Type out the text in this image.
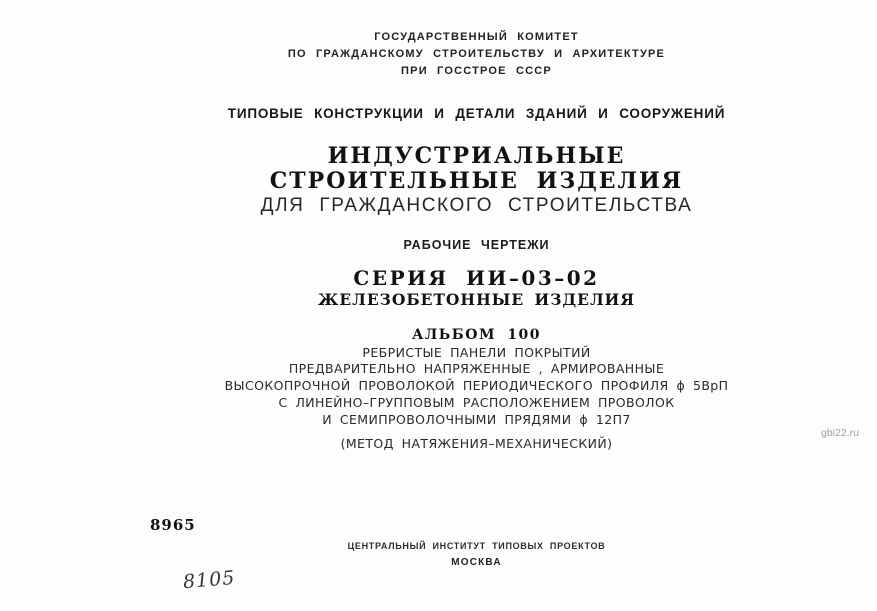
ГОСУДАРСТВЕННЫЙ КОМИТЕТ
ПО ГРАЖДАНСКОМУ СТРОИТЕЛЬСТВУ И АРХИТЕКТУРЕ
ПРИ ГОССТРОЕ СССР
ТИПОВЫЕ КОНСТРУКЦИИ И ДЕТАЛИ ЗДАНИЙ И СООРУЖЕНИЙ
ИНДУСТРИАЛЬНЫЕ
СТРОИТЕЛЬНЫЕ ИЗДЕЛИЯ
ДЛЯ ГРАЖДАНСКОГО СТРОИТЕЛЬСТВА
РАБОЧИЕ ЧЕРТЕЖИ
СЕРИЯ ИИ–03–02
ЖЕЛЕЗОБЕТОННЫЕ ИЗДЕЛИЯ
АЛЬБОМ 100
РЕБРИСТЫЕ ПАНЕЛИ ПОКРЫТИЙ
ПРЕДВАРИТЕЛЬНО НАПРЯЖЕННЫЕ , АРМИРОВАННЫЕ
ВЫСОКОПРОЧНОЙ ПРОВОЛОКОЙ ПЕРИОДИЧЕСКОГО ПРОФИЛЯ ϕ 5ВрП
С ЛИНЕЙНО–ГРУППОВЫМ РАСПОЛОЖЕНИЕМ ПРОВОЛОК
И СЕМИПРОВОЛОЧНЫМИ ПРЯДЯМИ ϕ 12П7
(МЕТОД НАТЯЖЕНИЯ–МЕХАНИЧЕСКИЙ)
ЦЕНТРАЛЬНЫЙ ИНСТИТУТ ТИПОВЫХ ПРОЕКТОВ
МОСКВА
8965
8105
gbi22.ru
